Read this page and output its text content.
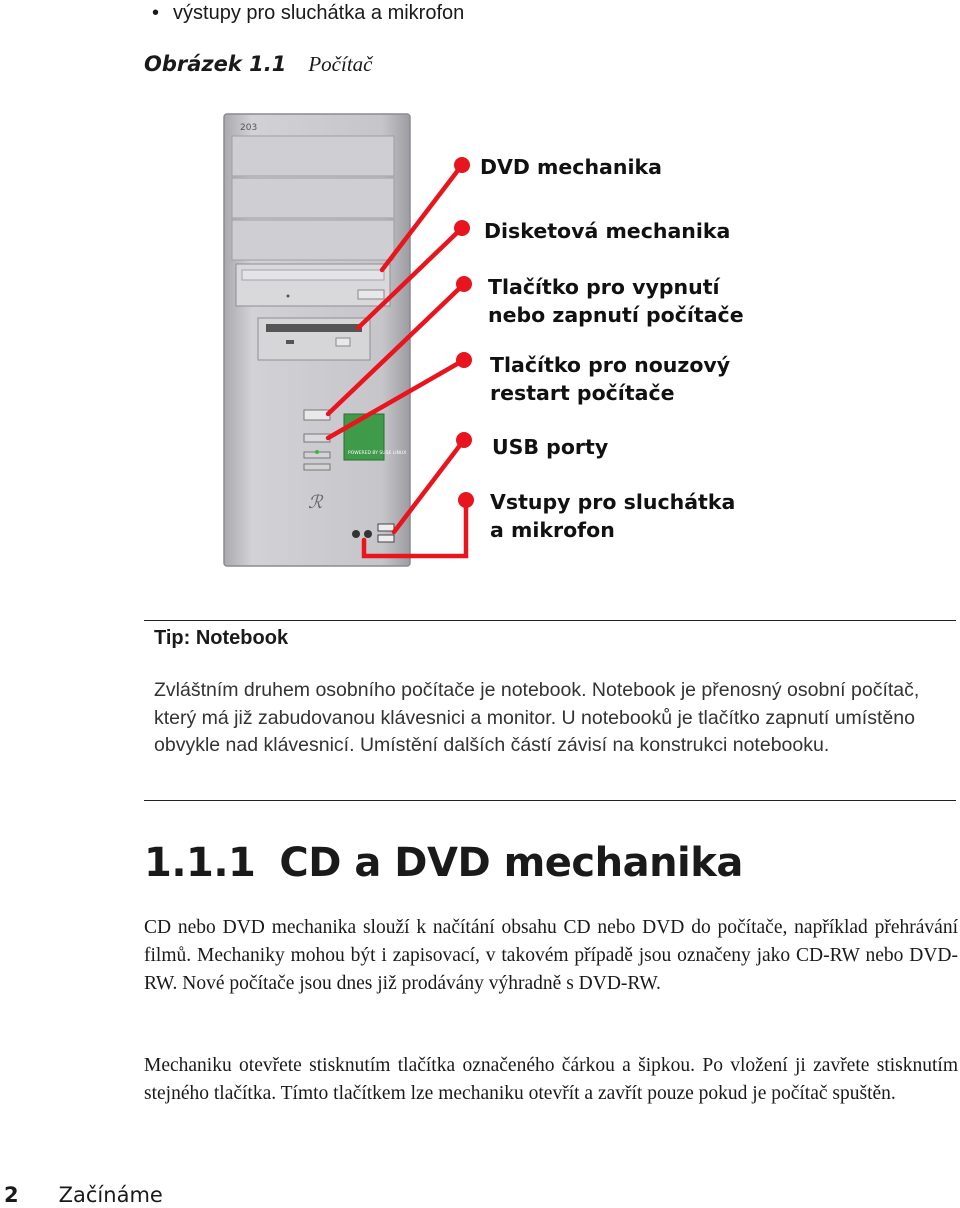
• výstupy pro sluchátka a mikrofon
Obrázek 1.1 Počítač
203
POWERED BY SUSE LINUX
ℛ
DVD mechanika
Disketová mechanika
Tlačítko pro vypnutí nebo zapnutí počítače
Tlačítko pro nouzový restart počítače
USB porty
Vstupy pro sluchátka a mikrofon
Tip: Notebook
Zvláštním druhem osobního počítače je notebook. Notebook je přenosný osobní počítač, který má již zabudovanou klávesnici a monitor. U notebooků je tlačítko zapnutí umístěno obvykle nad klávesnicí. Umístění dalších částí závisí na konstrukci notebooku.
1.1.1 CD a DVD mechanika
CD nebo DVD mechanika slouží k načítání obsahu CD nebo DVD do počítače, například přehrávání filmů. Mechaniky mohou být i zapisovací, v takovém případě jsou označeny jako CD-RW nebo DVD-RW. Nové počítače jsou dnes již prodávány výhradně s DVD-RW.
Mechaniku otevřete stisknutím tlačítka označeného čárkou a šipkou. Po vložení ji zavřete stisknutím stejného tlačítka. Tímto tlačítkem lze mechaniku otevřít a zavřít pouze pokud je počítač spuštěn.
2 Začínáme
